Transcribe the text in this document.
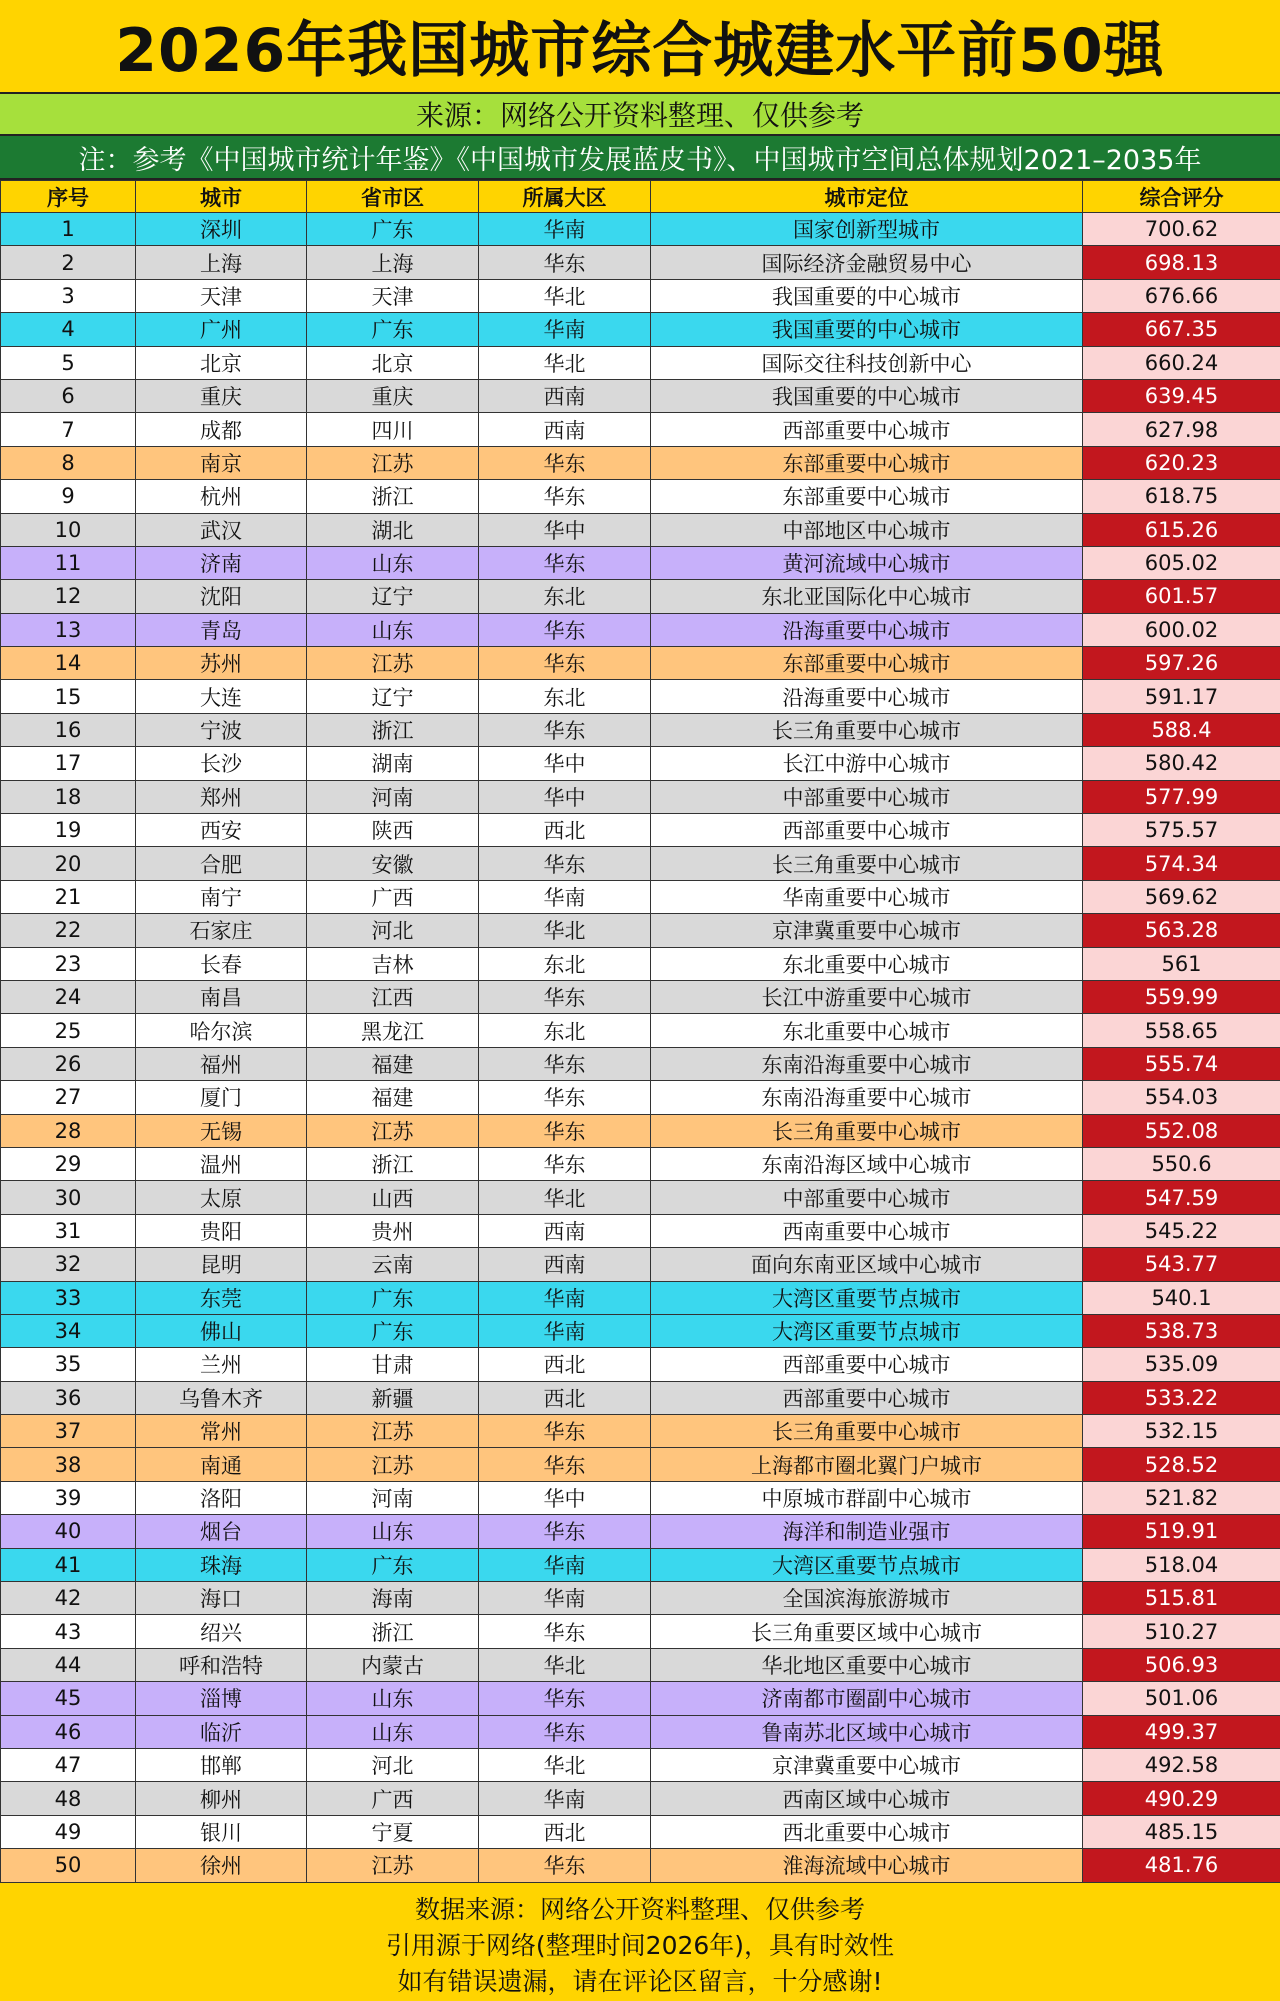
2026年我国城市综合城建水平前50强
来源：网络公开资料整理、仅供参考
注：参考《中国城市统计年鉴》《中国城市发展蓝皮书》、中国城市空间总体规划2021–2035年
序号	城市	省市区	所属大区	城市定位	综合评分
1	深圳	广东	华南	国家创新型城市	700.62
2	上海	上海	华东	国际经济金融贸易中心	698.13
3	天津	天津	华北	我国重要的中心城市	676.66
4	广州	广东	华南	我国重要的中心城市	667.35
5	北京	北京	华北	国际交往科技创新中心	660.24
6	重庆	重庆	西南	我国重要的中心城市	639.45
7	成都	四川	西南	西部重要中心城市	627.98
8	南京	江苏	华东	东部重要中心城市	620.23
9	杭州	浙江	华东	东部重要中心城市	618.75
10	武汉	湖北	华中	中部地区中心城市	615.26
11	济南	山东	华东	黄河流域中心城市	605.02
12	沈阳	辽宁	东北	东北亚国际化中心城市	601.57
13	青岛	山东	华东	沿海重要中心城市	600.02
14	苏州	江苏	华东	东部重要中心城市	597.26
15	大连	辽宁	东北	沿海重要中心城市	591.17
16	宁波	浙江	华东	长三角重要中心城市	588.4
17	长沙	湖南	华中	长江中游中心城市	580.42
18	郑州	河南	华中	中部重要中心城市	577.99
19	西安	陕西	西北	西部重要中心城市	575.57
20	合肥	安徽	华东	长三角重要中心城市	574.34
21	南宁	广西	华南	华南重要中心城市	569.62
22	石家庄	河北	华北	京津冀重要中心城市	563.28
23	长春	吉林	东北	东北重要中心城市	561
24	南昌	江西	华东	长江中游重要中心城市	559.99
25	哈尔滨	黑龙江	东北	东北重要中心城市	558.65
26	福州	福建	华东	东南沿海重要中心城市	555.74
27	厦门	福建	华东	东南沿海重要中心城市	554.03
28	无锡	江苏	华东	长三角重要中心城市	552.08
29	温州	浙江	华东	东南沿海区域中心城市	550.6
30	太原	山西	华北	中部重要中心城市	547.59
31	贵阳	贵州	西南	西南重要中心城市	545.22
32	昆明	云南	西南	面向东南亚区域中心城市	543.77
33	东莞	广东	华南	大湾区重要节点城市	540.1
34	佛山	广东	华南	大湾区重要节点城市	538.73
35	兰州	甘肃	西北	西部重要中心城市	535.09
36	乌鲁木齐	新疆	西北	西部重要中心城市	533.22
37	常州	江苏	华东	长三角重要中心城市	532.15
38	南通	江苏	华东	上海都市圈北翼门户城市	528.52
39	洛阳	河南	华中	中原城市群副中心城市	521.82
40	烟台	山东	华东	海洋和制造业强市	519.91
41	珠海	广东	华南	大湾区重要节点城市	518.04
42	海口	海南	华南	全国滨海旅游城市	515.81
43	绍兴	浙江	华东	长三角重要区域中心城市	510.27
44	呼和浩特	内蒙古	华北	华北地区重要中心城市	506.93
45	淄博	山东	华东	济南都市圈副中心城市	501.06
46	临沂	山东	华东	鲁南苏北区域中心城市	499.37
47	邯郸	河北	华北	京津冀重要中心城市	492.58
48	柳州	广西	华南	西南区域中心城市	490.29
49	银川	宁夏	西北	西北重要中心城市	485.15
50	徐州	江苏	华东	淮海流域中心城市	481.76
数据来源：网络公开资料整理、仅供参考
引用源于网络(整理时间2026年)，具有时效性
如有错误遗漏，请在评论区留言，十分感谢!
